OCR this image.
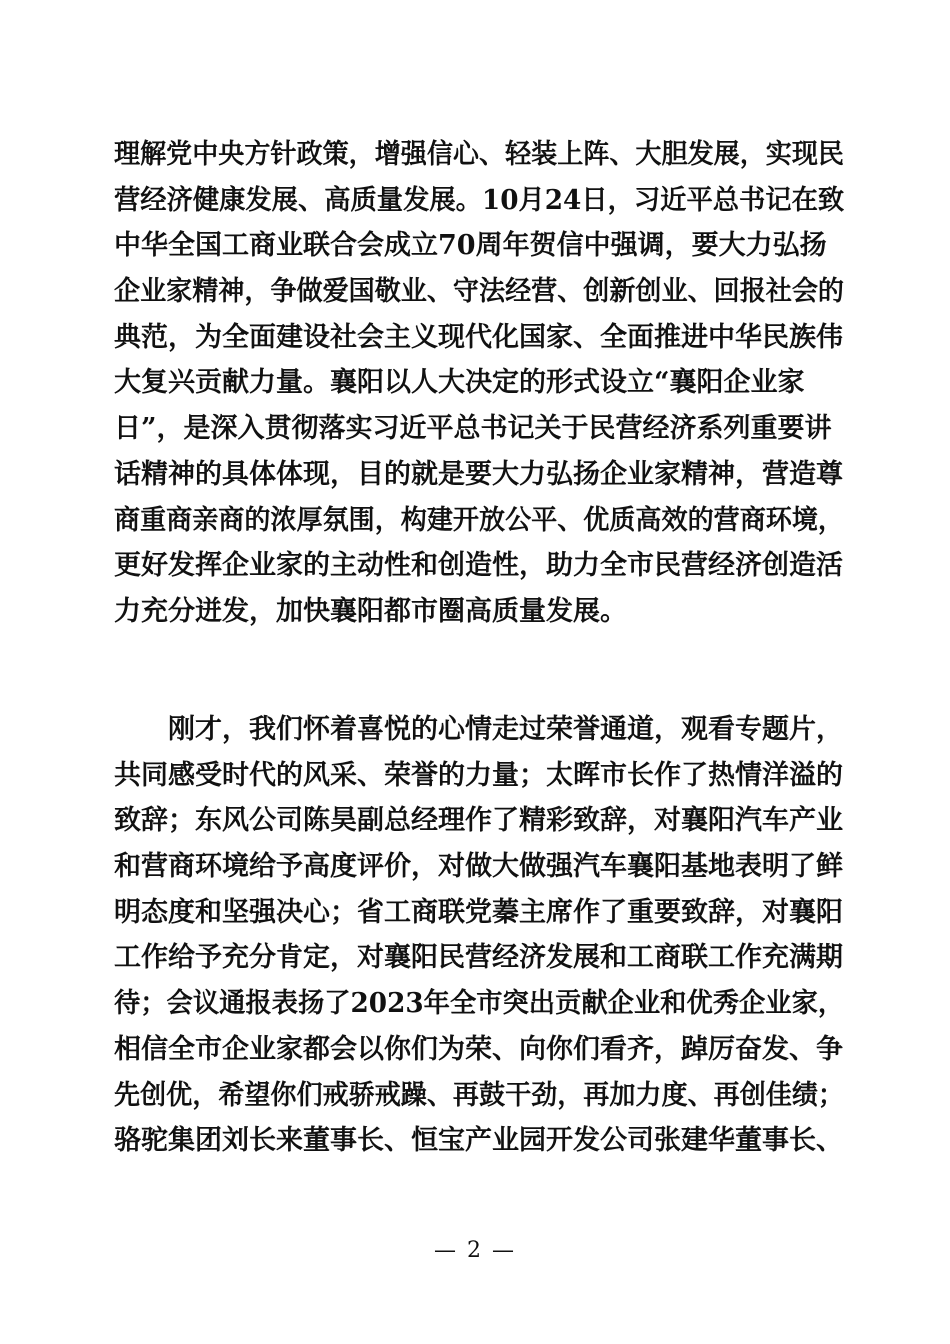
理解党中央方针政策，增强信心、轻装上阵、大胆发展，实现民
营经济健康发展、高质量发展。10月24日，习近平总书记在致
中华全国工商业联合会成立70周年贺信中强调，要大力弘扬
企业家精神，争做爱国敬业、守法经营、创新创业、回报社会的
典范，为全面建设社会主义现代化国家、全面推进中华民族伟
大复兴贡献力量。襄阳以人大决定的形式设立“襄阳企业家
日”，是深入贯彻落实习近平总书记关于民营经济系列重要讲
话精神的具体体现，目的就是要大力弘扬企业家精神，营造尊
商重商亲商的浓厚氛围，构建开放公平、优质高效的营商环境，
更好发挥企业家的主动性和创造性，助力全市民营经济创造活
力充分迸发，加快襄阳都市圈高质量发展。
　　刚才，我们怀着喜悦的心情走过荣誉通道，观看专题片，
共同感受时代的风采、荣誉的力量；太晖市长作了热情洋溢的
致辞；东风公司陈昊副总经理作了精彩致辞，对襄阳汽车产业
和营商环境给予高度评价，对做大做强汽车襄阳基地表明了鲜
明态度和坚强决心；省工商联党蓁主席作了重要致辞，对襄阳
工作给予充分肯定，对襄阳民营经济发展和工商联工作充满期
待；会议通报表扬了2023年全市突出贡献企业和优秀企业家，
相信全市企业家都会以你们为荣、向你们看齐，踔厉奋发、争
先创优，希望你们戒骄戒躁、再鼓干劲，再加力度、再创佳绩；
骆驼集团刘长来董事长、恒宝产业园开发公司张建华董事长、
— 2 —
